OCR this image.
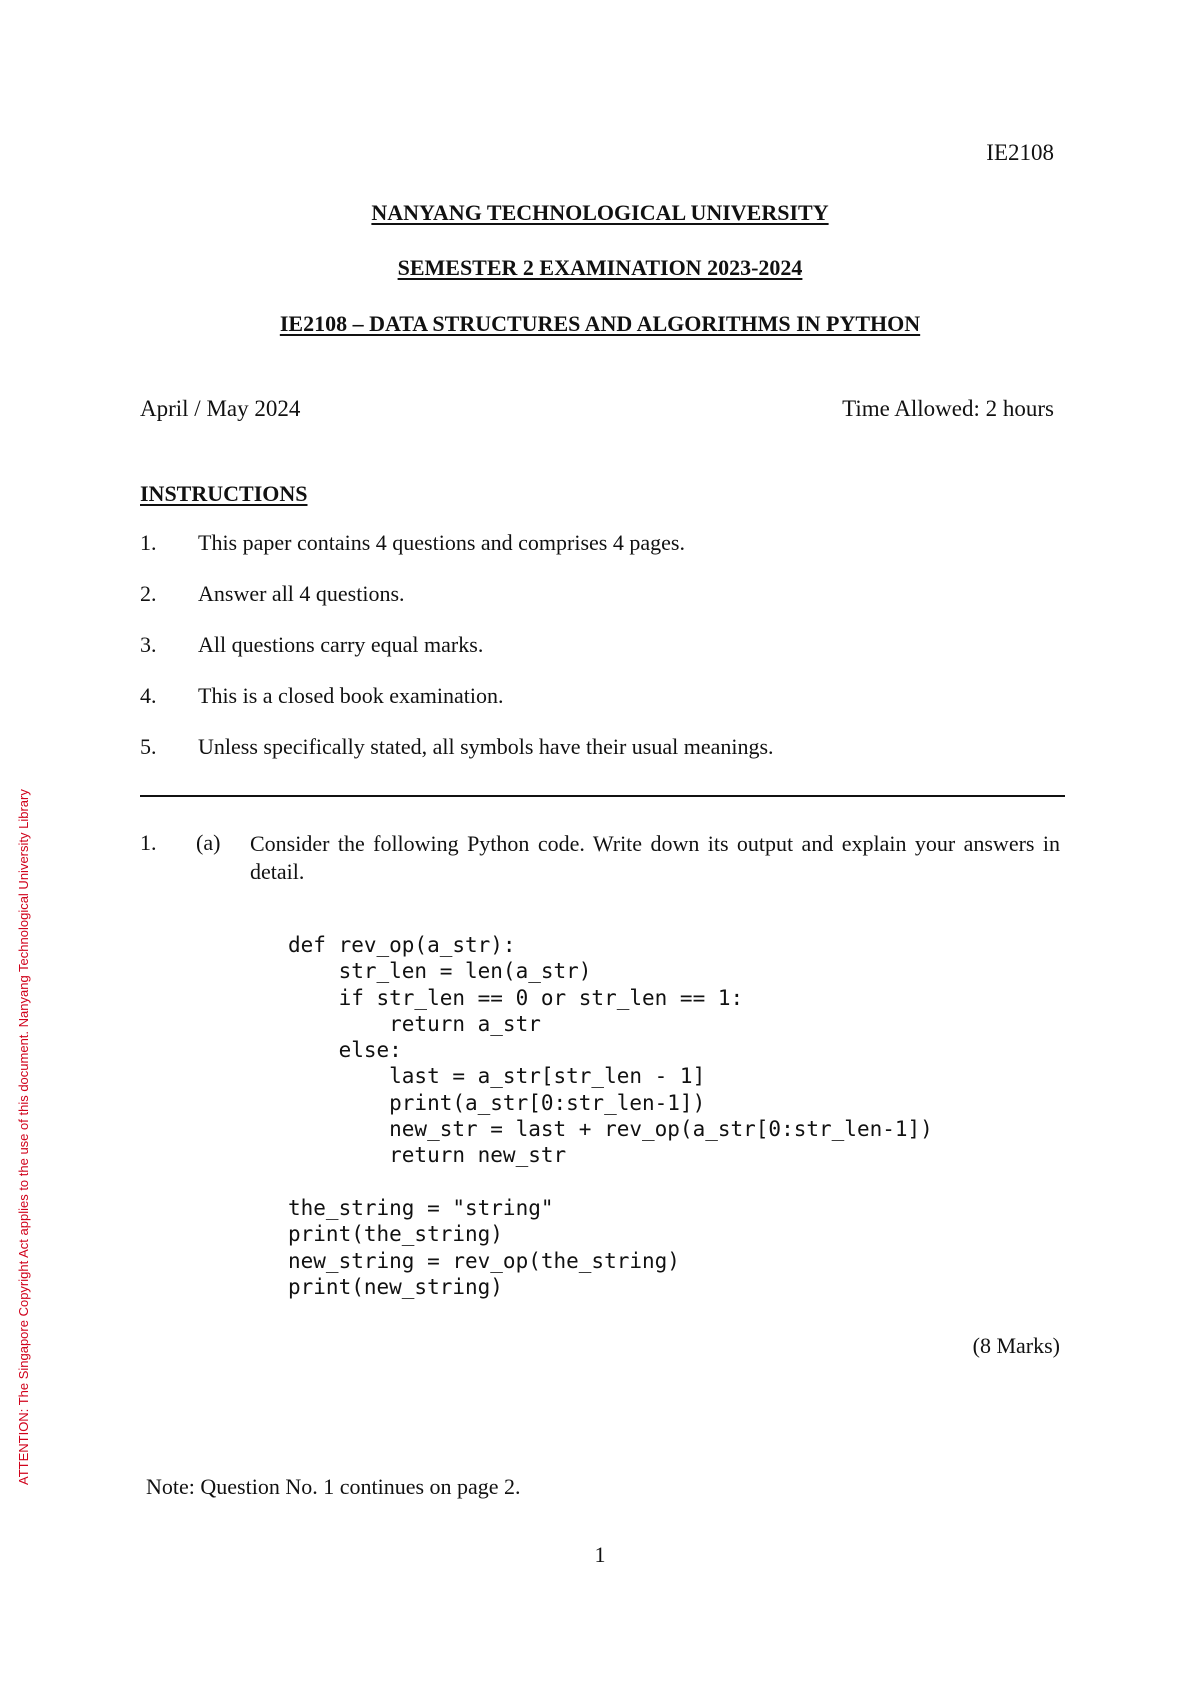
IE2108
NANYANG TECHNOLOGICAL UNIVERSITY
SEMESTER 2 EXAMINATION 2023-2024
IE2108 – DATA STRUCTURES AND ALGORITHMS IN PYTHON
April / May 2024	Time Allowed: 2 hours
INSTRUCTIONS
1.	This paper contains 4 questions and comprises 4 pages.
2.	Answer all 4 questions.
3.	All questions carry equal marks.
4.	This is a closed book examination.
5.	Unless specifically stated, all symbols have their usual meanings.
1. (a) Consider the following Python code. Write down its output and explain your answers in detail.
def rev_op(a_str):
str_len = len(a_str)
if str_len == 0 or str_len == 1:
return a_str
else:
last = a_str[str_len - 1]
print(a_str[0:str_len-1])
new_str = last + rev_op(a_str[0:str_len-1])
return new_str

the_string = "string"
print(the_string)
new_string = rev_op(the_string)
print(new_string)
(8 Marks)
Note: Question No. 1 continues on page 2.
1
ATTENTION: The Singapore Copyright Act applies to the use of this document. Nanyang Technological University Library
